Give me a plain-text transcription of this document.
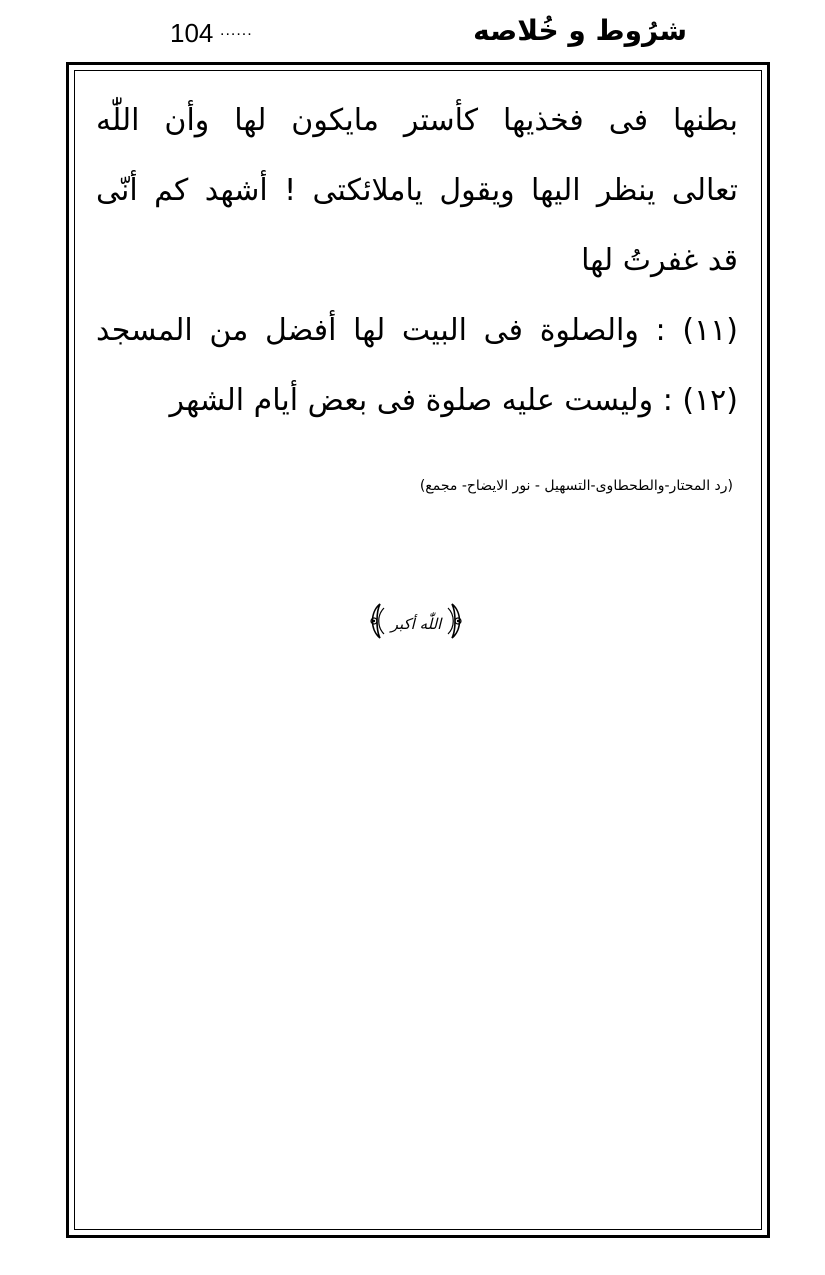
شرُوط و خُلاصه
104 ......
بطنها فى فخذيها كأستر مايكون لها وأن اللّٰه
تعالى ينظر اليها ويقول ياملائكتى ! أشهد كم أنّى
قد غفرتُ لها
(۱۱) : والصلوة فى البيت لها أفضل من المسجد
(۱۲) : وليست عليه صلوة فى بعض أيام الشهر
(رد المحتار-والطحطاوی-التسهيل - نور الايضاح- مجمع)
اللّٰه أكبر
